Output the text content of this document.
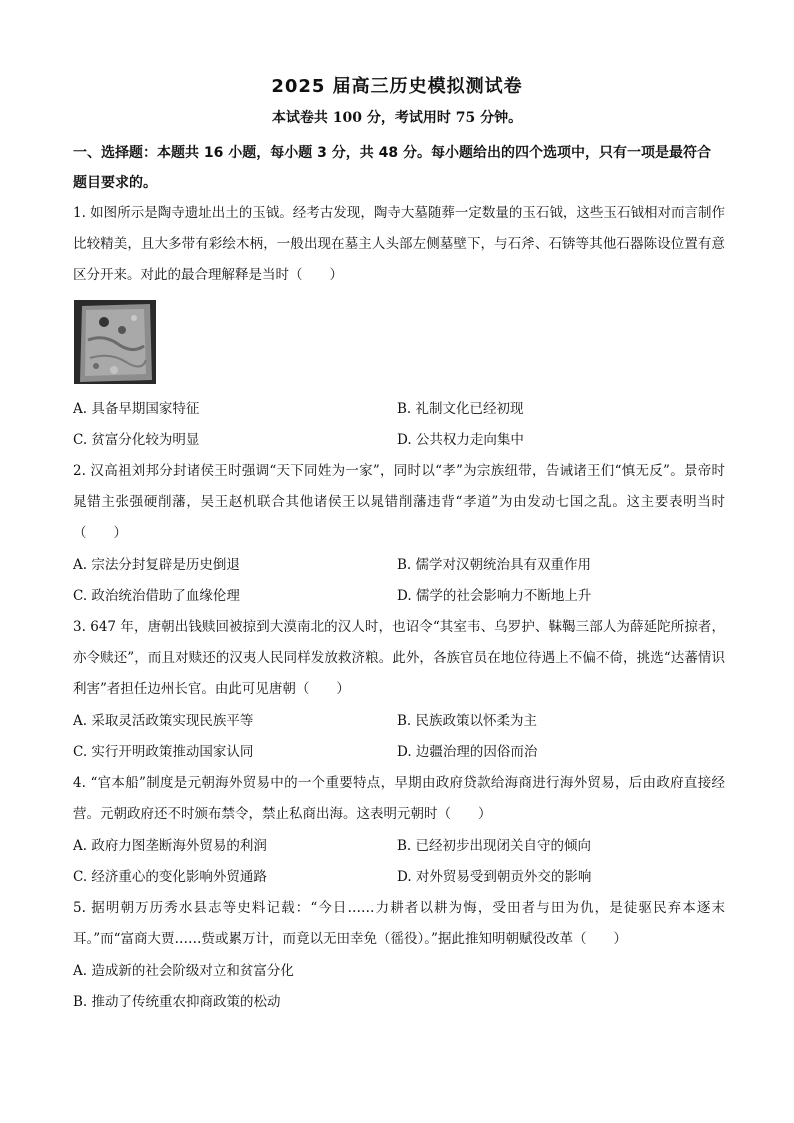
2025 届高三历史模拟测试卷
本试卷共 100 分，考试用时 75 分钟。
一、选择题：本题共 16 小题，每小题 3 分，共 48 分。每小题给出的四个选项中，只有一项是最符合题目要求的。
1. 如图所示是陶寺遗址出土的玉钺。经考古发现，陶寺大墓随葬一定数量的玉石钺，这些玉石钺相对而言制作比较精美，且大多带有彩绘木柄，一般出现在墓主人头部左侧墓壁下，与石斧、石锛等其他石器陈设位置有意区分开来。对此的最合理解释是当时（　　）
A. 具备早期国家特征	B. 礼制文化已经初现
C. 贫富分化较为明显	D. 公共权力走向集中
2. 汉高祖刘邦分封诸侯王时强调“天下同姓为一家”，同时以“孝”为宗族纽带，告诫诸王们“慎无反”。景帝时晁错主张强硬削藩，吴王赵机联合其他诸侯王以晁错削藩违背“孝道”为由发动七国之乱。这主要表明当时（　　）
A. 宗法分封复辟是历史倒退	B. 儒学对汉朝统治具有双重作用
C. 政治统治借助了血缘伦理	D. 儒学的社会影响力不断地上升
3. 647 年，唐朝出钱赎回被掠到大漠南北的汉人时，也诏令“其室韦、乌罗护、靺鞨三部人为薛延陀所掠者，亦令赎还”，而且对赎还的汉夷人民同样发放救济粮。此外，各族官员在地位待遇上不偏不倚，挑选“达蕃情识利害”者担任边州长官。由此可见唐朝（　　）
A. 采取灵活政策实现民族平等	B. 民族政策以怀柔为主
C. 实行开明政策推动国家认同	D. 边疆治理的因俗而治
4. “官本船”制度是元朝海外贸易中的一个重要特点，早期由政府贷款给海商进行海外贸易，后由政府直接经营。元朝政府还不时颁布禁令，禁止私商出海。这表明元朝时（　　）
A. 政府力图垄断海外贸易的利润	B. 已经初步出现闭关自守的倾向
C. 经济重心的变化影响外贸通路	D. 对外贸易受到朝贡外交的影响
5. 据明朝万历秀水县志等史料记载：“今日……力耕者以耕为悔，受田者与田为仇，是徒驱民弃本逐末耳。”而“富商大贾……赀或累万计，而竟以无田幸免（徭役）。”据此推知明朝赋役改革（　　）
A. 造成新的社会阶级对立和贫富分化
B. 推动了传统重农抑商政策的松动
